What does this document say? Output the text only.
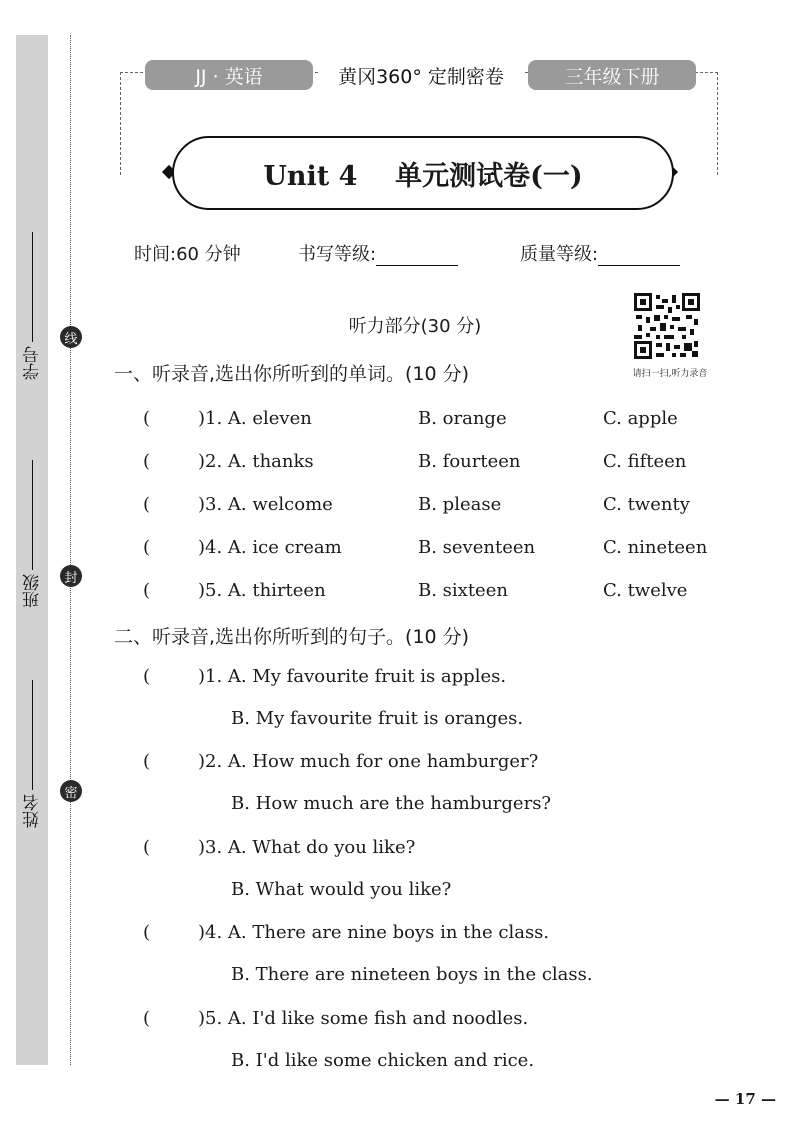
学号
班级
姓名
线
封
密
JJ · 英语	黄冈360° 定制密卷	三年级下册
Unit 4    单元测试卷(一)
时间:60 分钟	书写等级:	质量等级:
听力部分(30 分)
请扫一扫,听力录音
一、听录音,选出你所听到的单词。(10 分)
(	)1. A. eleven	B. orange	C. apple
(	)2. A. thanks	B. fourteen	C. fifteen
(	)3. A. welcome	B. please	C. twenty
(	)4. A. ice cream	B. seventeen	C. nineteen
(	)5. A. thirteen	B. sixteen	C. twelve
二、听录音,选出你所听到的句子。(10 分)
(	)1. A. My favourite fruit is apples.
B. My favourite fruit is oranges.
(	)2. A. How much for one hamburger?
B. How much are the hamburgers?
(	)3. A. What do you like?
B. What would you like?
(	)4. A. There are nine boys in the class.
B. There are nineteen boys in the class.
(	)5. A. I'd like some fish and noodles.
B. I'd like some chicken and rice.
— 17 —
